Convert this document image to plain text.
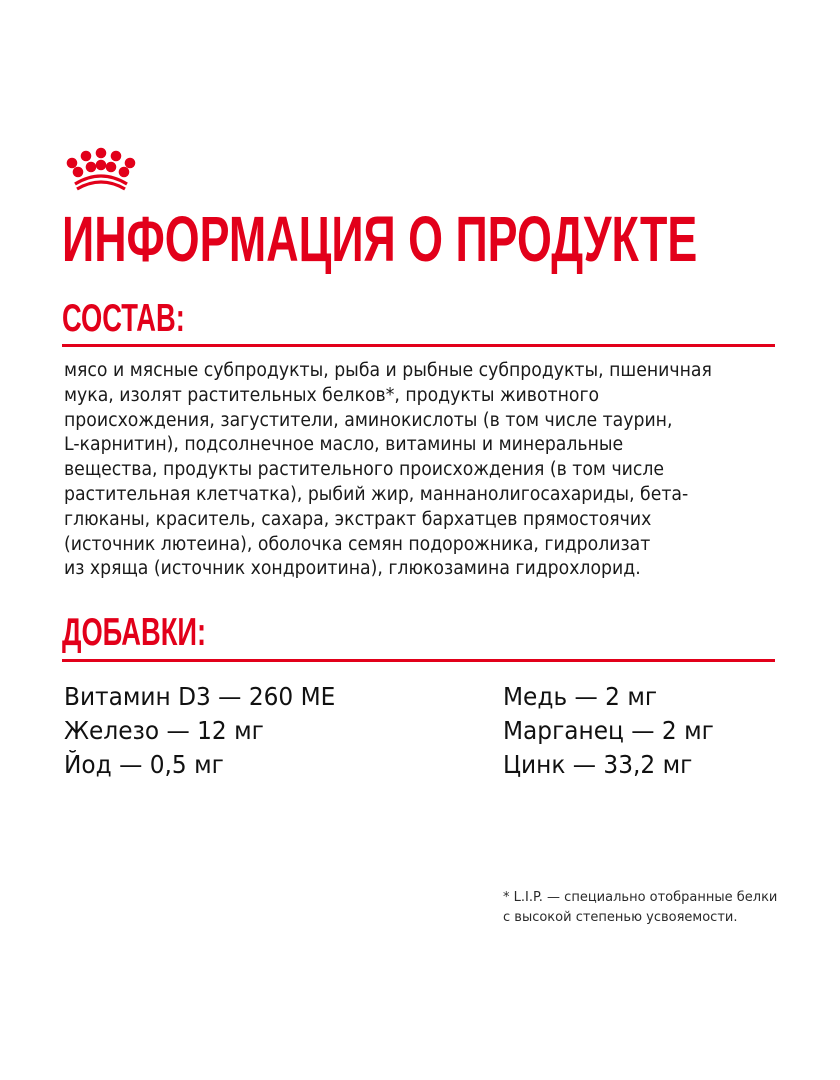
ИНФОРМАЦИЯ О ПРОДУКТЕ
СОСТАВ:

мясо и мясные субпродукты, рыба и рыбные субпродукты, пшеничная
мука, изолят растительных белков*, продукты животного
происхождения, загустители, аминокислоты (в том числе таурин,
L-карнитин), подсолнечное масло, витамины и минеральные
вещества, продукты растительного происхождения (в том числе
растительная клетчатка), рыбий жир, маннанолигосахариды, бета-
глюканы, краситель, сахара, экстракт бархатцев прямостоячих
(источник лютеина), оболочка семян подорожника, гидролизат
из хряща (источник хондроитина), глюкозамина гидрохлорид.

ДОБАВКИ:
Витамин D3 — 260 МЕ
Железо — 12 мг
Йод — 0,5 мг
Медь — 2 мг
Марганец — 2 мг
Цинк — 33,2 мг
* L.I.P. — специально отобранные белки
с высокой степенью усвояемости.
